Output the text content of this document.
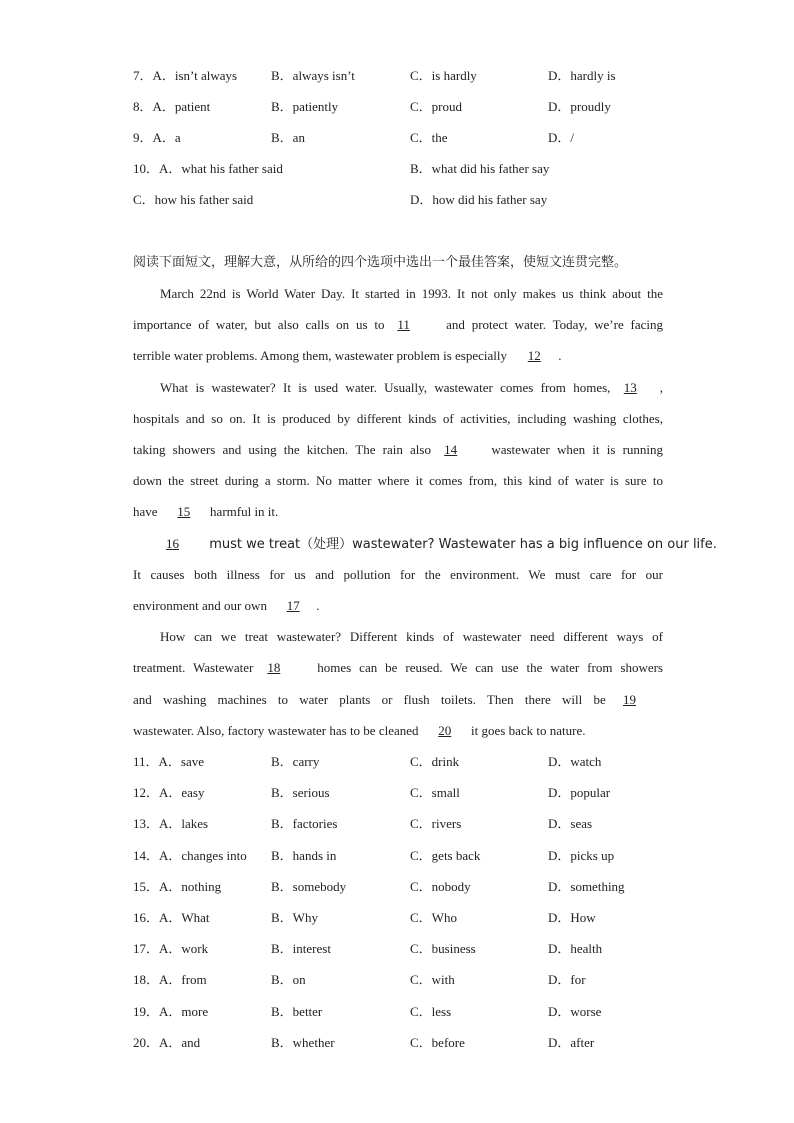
7．A．isn’t always	B．always isn’t	C．is hardly	D．hardly is
8．A．patient	B．patiently	C．proud	D．proudly
9．A．a	B．an	C．the	D．/
10．A．what his father said	B．what did his father say
C．how his father said	D．how did his father say
阅读下面短文，理解大意，从所给的四个选项中选出一个最佳答案，使短文连贯完整。
March 22nd is World Water Day. It started in 1993. It not only makes us think about the
importance of water, but also calls on us to 11	and protect water. Today, we’re facing
terrible water problems. Among them, wastewater problem is especially 12 .
What is wastewater? It is used water. Usually, wastewater comes from homes, 13 ,
hospitals and so on. It is produced by different kinds of activities, including washing clothes,
taking showers and using the kitchen. The rain also 14	wastewater when it is running
down the street during a storm. No matter where it comes from, this kind of water is sure to
have 15 harmful in it.
16 must we treat（处理）wastewater? Wastewater has a big influence on our life.
It causes both illness for us and pollution for the environment. We must care for our
environment and our own 17 .
How can we treat wastewater? Different kinds of wastewater need different ways of
treatment. Wastewater 18	homes can be reused. We can use the water from showers
and washing machines to water plants or flush toilets. Then there will be 19
wastewater. Also, factory wastewater has to be cleaned 20 it goes back to nature.
11．A．save	B．carry	C．drink	D．watch
12．A．easy	B．serious	C．small	D．popular
13．A．lakes	B．factories	C．rivers	D．seas
14．A．changes into B．hands in	C．gets back	D．picks up
15．A．nothing	B．somebody	C．nobody	D．something
16．A．What	B．Why	C．Who	D．How
17．A．work	B．interest	C．business	D．health
18．A．from	B．on	C．with	D．for
19．A．more	B．better	C．less	D．worse
20．A．and	B．whether	C．before	D．after
